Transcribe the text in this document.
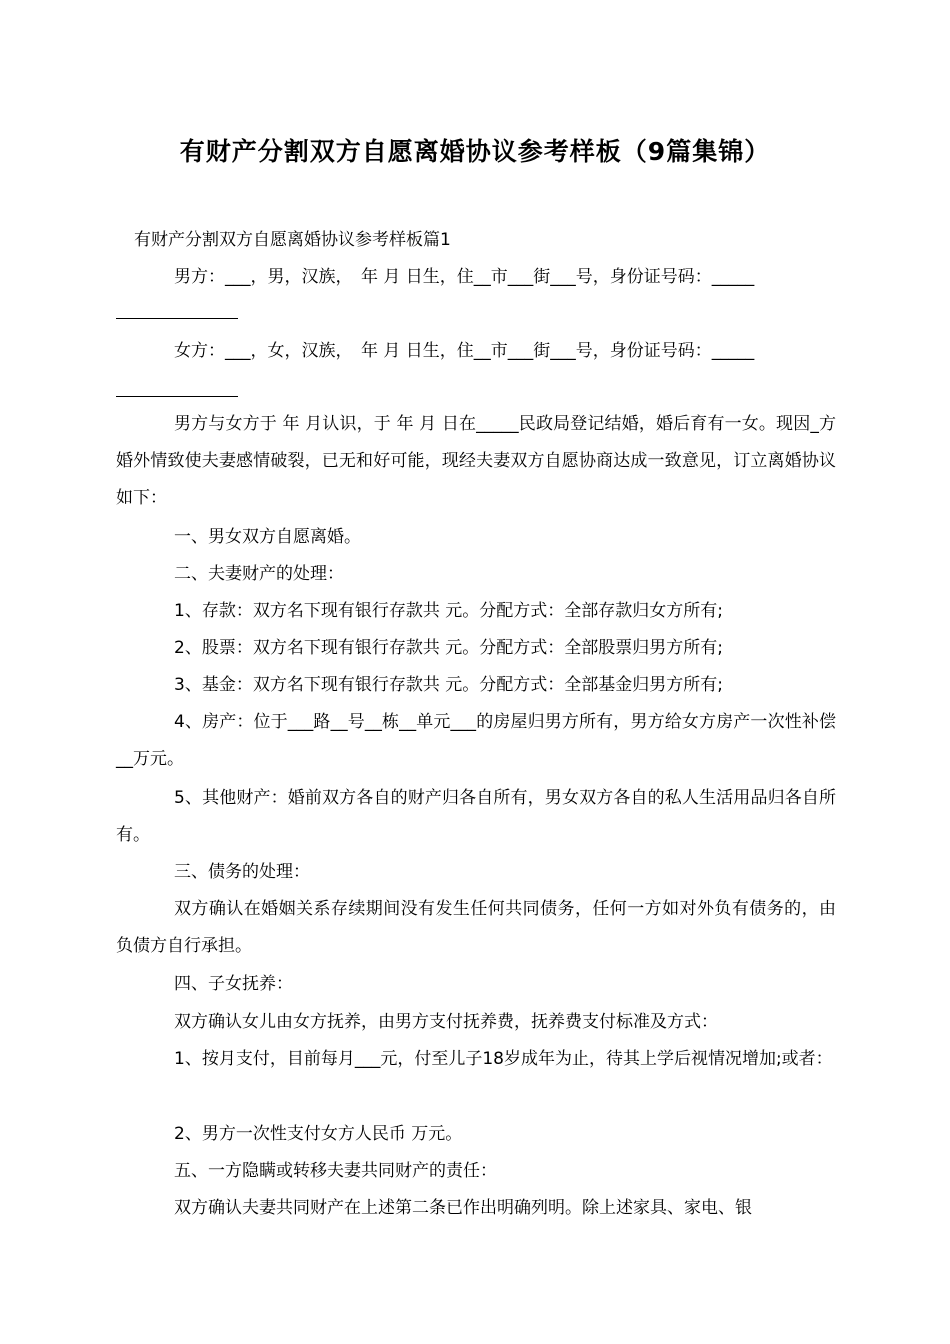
有财产分割双方自愿离婚协议参考样板（9篇集锦）
有财产分割双方自愿离婚协议参考样板篇1
男方：___，男，汉族，　年 月 日生，住__市___街___号，身份证号码：_____
女方：___，女，汉族，　年 月 日生，住__市___街___号，身份证号码：_____
男方与女方于 年 月认识，于 年 月 日在_____民政局登记结婚，婚后育有一女。现因_方婚外情致使夫妻感情破裂，已无和好可能，现经夫妻双方自愿协商达成一致意见，订立离婚协议如下：
一、男女双方自愿离婚。
二、夫妻财产的处理：
1、存款：双方名下现有银行存款共 元。分配方式：全部存款归女方所有;
2、股票：双方名下现有银行存款共 元。分配方式：全部股票归男方所有;
3、基金：双方名下现有银行存款共 元。分配方式：全部基金归男方所有;
4、房产：位于___路__号__栋__单元___的房屋归男方所有，男方给女方房产一次性补偿__万元。
5、其他财产：婚前双方各自的财产归各自所有，男女双方各自的私人生活用品归各自所有。
三、债务的处理：
双方确认在婚姻关系存续期间没有发生任何共同债务，任何一方如对外负有债务的，由负债方自行承担。
四、子女抚养：
双方确认女儿由女方抚养，由男方支付抚养费，抚养费支付标准及方式：
1、按月支付，目前每月___元，付至儿子18岁成年为止，待其上学后视情况增加;或者：
2、男方一次性支付女方人民币 万元。
五、一方隐瞒或转移夫妻共同财产的责任：
双方确认夫妻共同财产在上述第二条已作出明确列明。除上述家具、家电、银
